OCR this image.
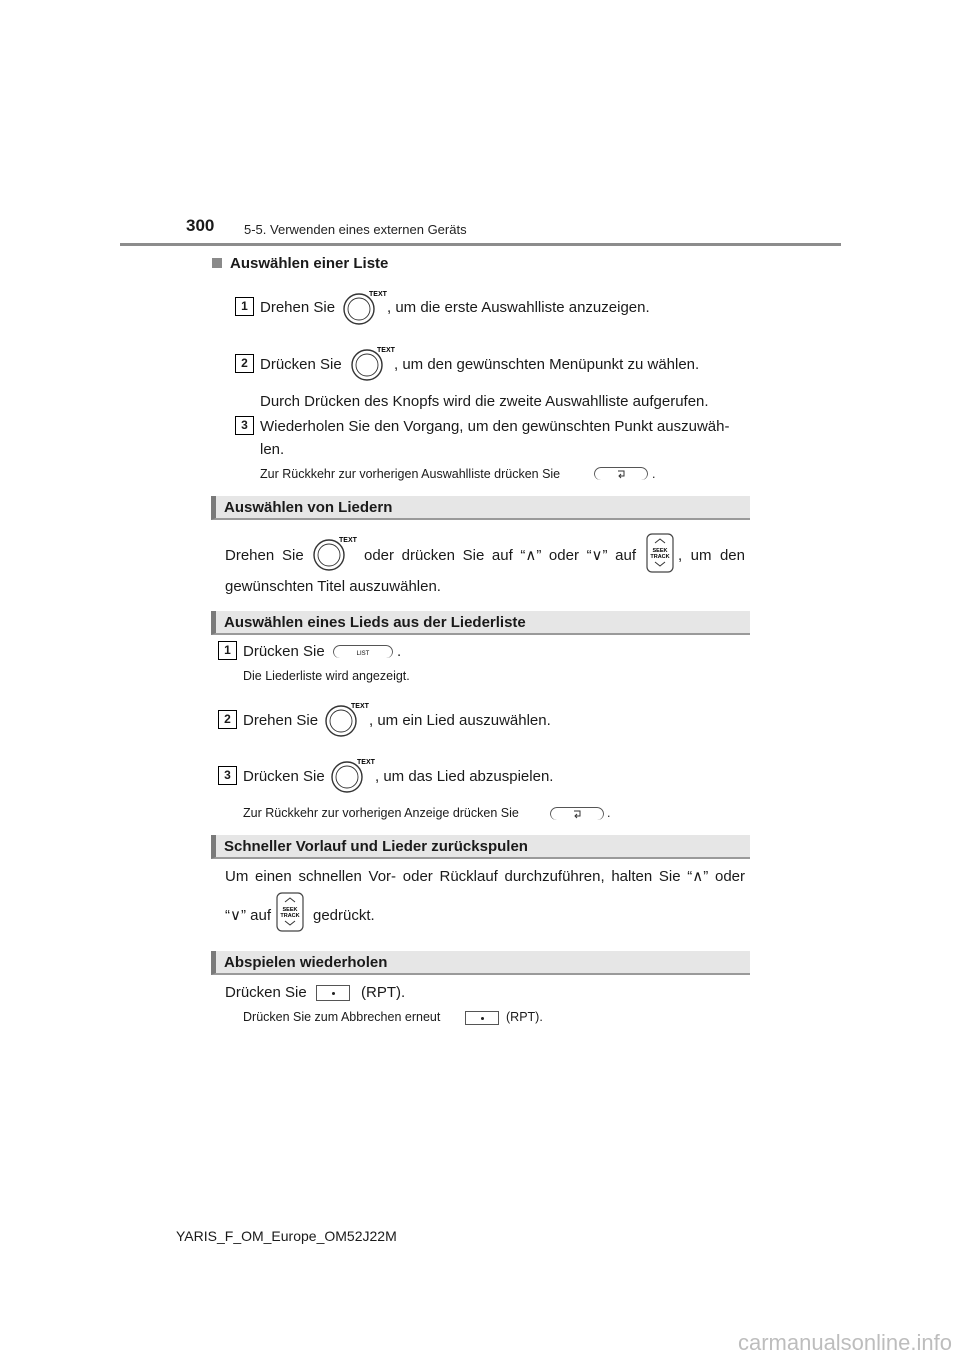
300 5-5. Verwenden eines externen Geräts
Auswählen einer Liste
1 Drehen Sie
TEXT
, um die erste Auswahlliste anzuzeigen.
2 Drücken Sie
TEXT
, um den gewünschten Menüpunkt zu wählen.
Durch Drücken des Knopfs wird die zweite Auswahlliste aufgerufen.
3 Wiederholen Sie den Vorgang, um den gewünschten Punkt auszuwäh-
len.
Zur Rückkehr zur vorherigen Auswahlliste drücken Sie	.
Auswählen von Liedern
Drehen Sie
TEXT
oder drücken Sie auf “∧” oder “∨” auf	SEEK
TRACK , um den
gewünschten Titel auszuwählen.
Auswählen eines Lieds aus der Liederliste
1 Drücken Sie	LIST .
Die Liederliste wird angezeigt.
2 Drehen Sie
TEXT
, um ein Lied auszuwählen.
3 Drücken Sie
TEXT
, um das Lied abzuspielen.
Zur Rückkehr zur vorherigen Anzeige drücken Sie	.
Schneller Vorlauf und Lieder zurückspulen
Um einen schnellen Vor- oder Rücklauf durchzuführen, halten Sie “∧” oder
“∨” auf SEEK
TRACK gedrückt.
Abspielen wiederholen
Drücken Sie	(RPT).
Drücken Sie zum Abbrechen erneut	(RPT).
YARIS_F_OM_Europe_OM52J22M
carmanualsonline.info
